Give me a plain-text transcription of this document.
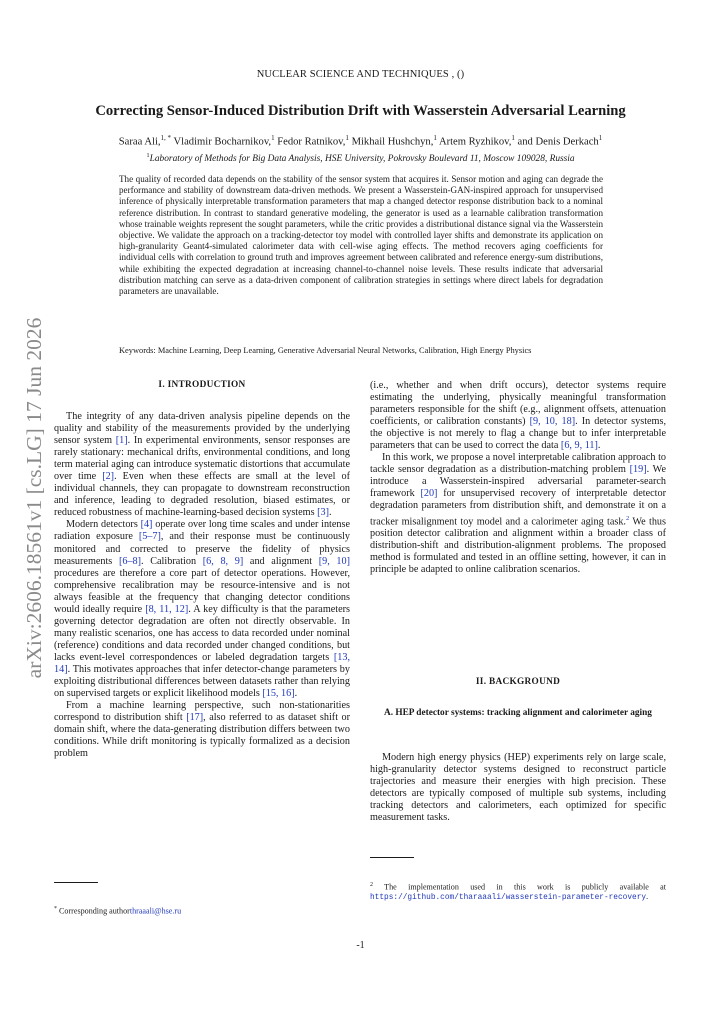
NUCLEAR SCIENCE AND TECHNIQUES , ()
arXiv:2606.18561v1 [cs.LG] 17 Jun 2026
Correcting Sensor-Induced Distribution Drift with Wasserstein Adversarial Learning
Saraa Ali,$^{1, *}$ Vladimir Bocharnikov,$^1$ Fedor Ratnikov,$^1$ Mikhail Hushchyn,$^1$ Artem Ryzhikov,$^1$ and Denis Derkach$^1$
$^1$Laboratory of Methods for Big Data Analysis, HSE University, Pokrovsky Boulevard 11, Moscow 109028, Russia
The quality of recorded data depends on the stability of the sensor system that acquires it. Sensor motion and aging can degrade the performance and stability of downstream data-driven methods. We present a Wasserstein-GAN-inspired approach for unsupervised inference of physically interpretable transformation parameters that map a changed detector response distribution back to a nominal reference distribution. In contrast to standard generative modeling, the generator is used as a learnable calibration transformation whose trainable weights represent the sought parameters, while the critic provides a distributional distance signal via the Wasserstein objective. We validate the approach on a tracking-detector toy model with controlled layer shifts and demonstrate its application on high-granularity Geant4-simulated calorimeter data with cell-wise aging effects. The method recovers aging coefficients for individual cells with correlation to ground truth and improves agreement between calibrated and reference energy-sum distributions, while exhibiting the expected degradation at increasing channel-to-channel noise levels. These results indicate that adversarial distribution matching can serve as a data-driven component of calibration strategies in settings where direct labels for degradation parameters are unavailable.
Keywords: Machine Learning, Deep Learning, Generative Adversarial Neural Networks, Calibration, High Energy Physics
I. INTRODUCTION

The integrity of any data-driven analysis pipeline depends on the quality and stability of the measurements provided by the underlying sensor system [1]. In experimental environments, sensor responses are rarely stationary: mechanical drifts, environmental conditions, and long term material aging can introduce systematic distortions that accumulate over time [2]. Even when these effects are small at the level of individual channels, they can propagate to downstream reconstruction and inference, leading to degraded resolution, biased estimates, or reduced robustness of machine-learning-based decision systems [3].

Modern detectors [4] operate over long time scales and under intense radiation exposure [5–7], and their response must be continuously monitored and corrected to preserve the fidelity of physics measurements [6–8]. Calibration [6, 8, 9] and alignment [9, 10] procedures are therefore a core part of detector operations. However, comprehensive recalibration may be resource-intensive and is not always feasible at the frequency that changing detector conditions would ideally require [8, 11, 12]. A key difficulty is that the parameters governing detector degradation are often not directly observable. In many realistic scenarios, one has access to data recorded under nominal (reference) conditions and data recorded under changed conditions, but lacks event-level correspondences or labeled degradation targets [13, 14]. This motivates approaches that infer detector-change parameters by exploiting distributional differences between datasets rather than relying on supervised targets or explicit likelihood models [15, 16].

From a machine learning perspective, such non-stationarities correspond to distribution shift [17], also referred to as dataset shift or domain shift, where the data-generating distribution differs between two conditions. While drift monitoring is typically formalized as a decision problem

* Corresponding authorthraaali@hse.ru

(i.e., whether and when drift occurs), detector systems require estimating the underlying, physically meaningful transformation parameters responsible for the shift (e.g., alignment offsets, attenuation coefficients, or calibration constants) [9, 10, 18]. In detector systems, the objective is not merely to flag a change but to infer interpretable parameters that can be used to correct the data [6, 9, 11].

In this work, we propose a novel interpretable calibration approach to tackle sensor degradation as a distribution-matching problem [19]. We introduce a Wasserstein-inspired adversarial parameter-search framework [20] for unsupervised recovery of interpretable detector degradation parameters from distribution shift, and demonstrate it on a tracker misalignment toy model and a calorimeter aging task.$^2$ We thus position detector calibration and alignment within a broader class of distribution-shift and distribution-alignment problems. The proposed method is formulated and tested in an offline setting, however, it can in principle be adapted to online calibration scenarios.

II. BACKGROUND
A. HEP detector systems: tracking alignment and calorimeter aging

Modern high energy physics (HEP) experiments rely on large scale, high-granularity detector systems designed to reconstruct particle trajectories and measure their energies with high precision. These detectors are typically composed of multiple sub systems, including tracking detectors and calorimeters, each optimized for specific measurement tasks.

$^2$ The implementation used in this work is publicly available at https://github.com/tharaaali/wasserstein-parameter-recovery.
-1
